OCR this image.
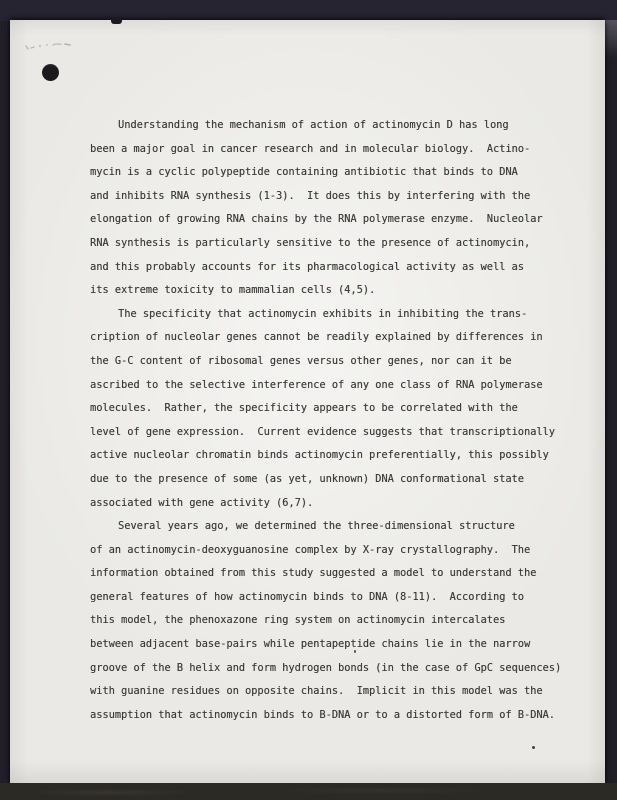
Understanding the mechanism of action of actinomycin D has long
been a major goal in cancer research and in molecular biology.  Actino-
mycin is a cyclic polypeptide containing antibiotic that binds to DNA
and inhibits RNA synthesis (1-3).  It does this by interfering with the
elongation of growing RNA chains by the RNA polymerase enzyme.  Nucleolar
RNA synthesis is particularly sensitive to the presence of actinomycin,
and this probably accounts for its pharmacological activity as well as
its extreme toxicity to mammalian cells (4,5).
The specificity that actinomycin exhibits in inhibiting the trans-
cription of nucleolar genes cannot be readily explained by differences in
the G-C content of ribosomal genes versus other genes, nor can it be
ascribed to the selective interference of any one class of RNA polymerase
molecules.  Rather, the specificity appears to be correlated with the
level of gene expression.  Current evidence suggests that transcriptionally
active nucleolar chromatin binds actinomycin preferentially, this possibly
due to the presence of some (as yet, unknown) DNA conformational state
associated with gene activity (6,7).
Several years ago, we determined the three-dimensional structure
of an actinomycin-deoxyguanosine complex by X-ray crystallography.  The
information obtained from this study suggested a model to understand the
general features of how actinomycin binds to DNA (8-11).  According to
this model, the phenoxazone ring system on actinomycin intercalates
between adjacent base-pairs while pentapeptide chains lie in the narrow
groove of the B helix and form hydrogen bonds (in the case of GpC sequences)
with guanine residues on opposite chains.  Implicit in this model was the
assumption that actinomycin binds to B-DNA or to a distorted form of B-DNA.
